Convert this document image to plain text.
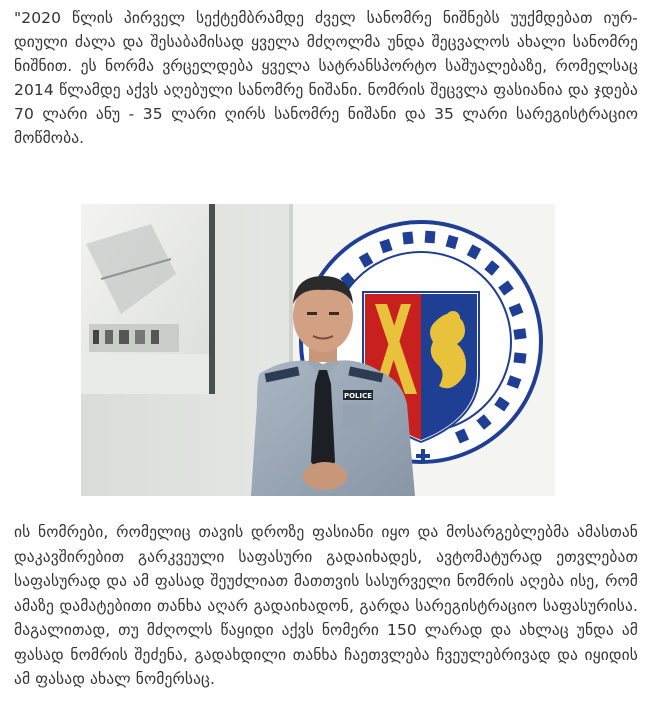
"2020 წლის პირველ სექტემბრამდე ძველ სანომრე ნიშნებს უუქმდებათ იურ-დიული ძალა და შესაბამისად ყველა მძღოლმა უნდა შეცვალოს ახალი სანომრე ნიშნით. ეს ნორმა ვრცელდება ყველა სატრანსპორტო საშუალებაზე, რომელსაც 2014 წლამდე აქვს აღებული სანომრე ნიშანი. ნომრის შეცვლა ფასიანია და ჯდება 70 ლარი ანუ - 35 ლარი ღირს სანომრე ნიშანი და 35 ლარი სარეგისტრაციო მოწმობა.

POLICE

ის ნომრები, რომელიც თავის დროზე ფასიანი იყო და მოსარგებლებმა ამასთან დაკავშირებით გარკვეული საფასური გადაიხადეს, ავტომატურად ეთვლებათ საფასურად და ამ ფასად შეუძლიათ მათთვის სასურველი ნომრის აღება ისე, რომ ამაზე დამატებითი თანხა აღარ გადაიხადონ, გარდა სარეგისტრაციო საფასურისა. მაგალითად, თუ მძღოლს წაყიდი აქვს ნომერი 150 ლარად და ახლაც უნდა ამ ფასად ნომრის შეძენა, გადახდილი თანხა ჩაეთვლება ჩვეულებრივად და იყიდის ამ ფასად ახალ ნომერსაც.
